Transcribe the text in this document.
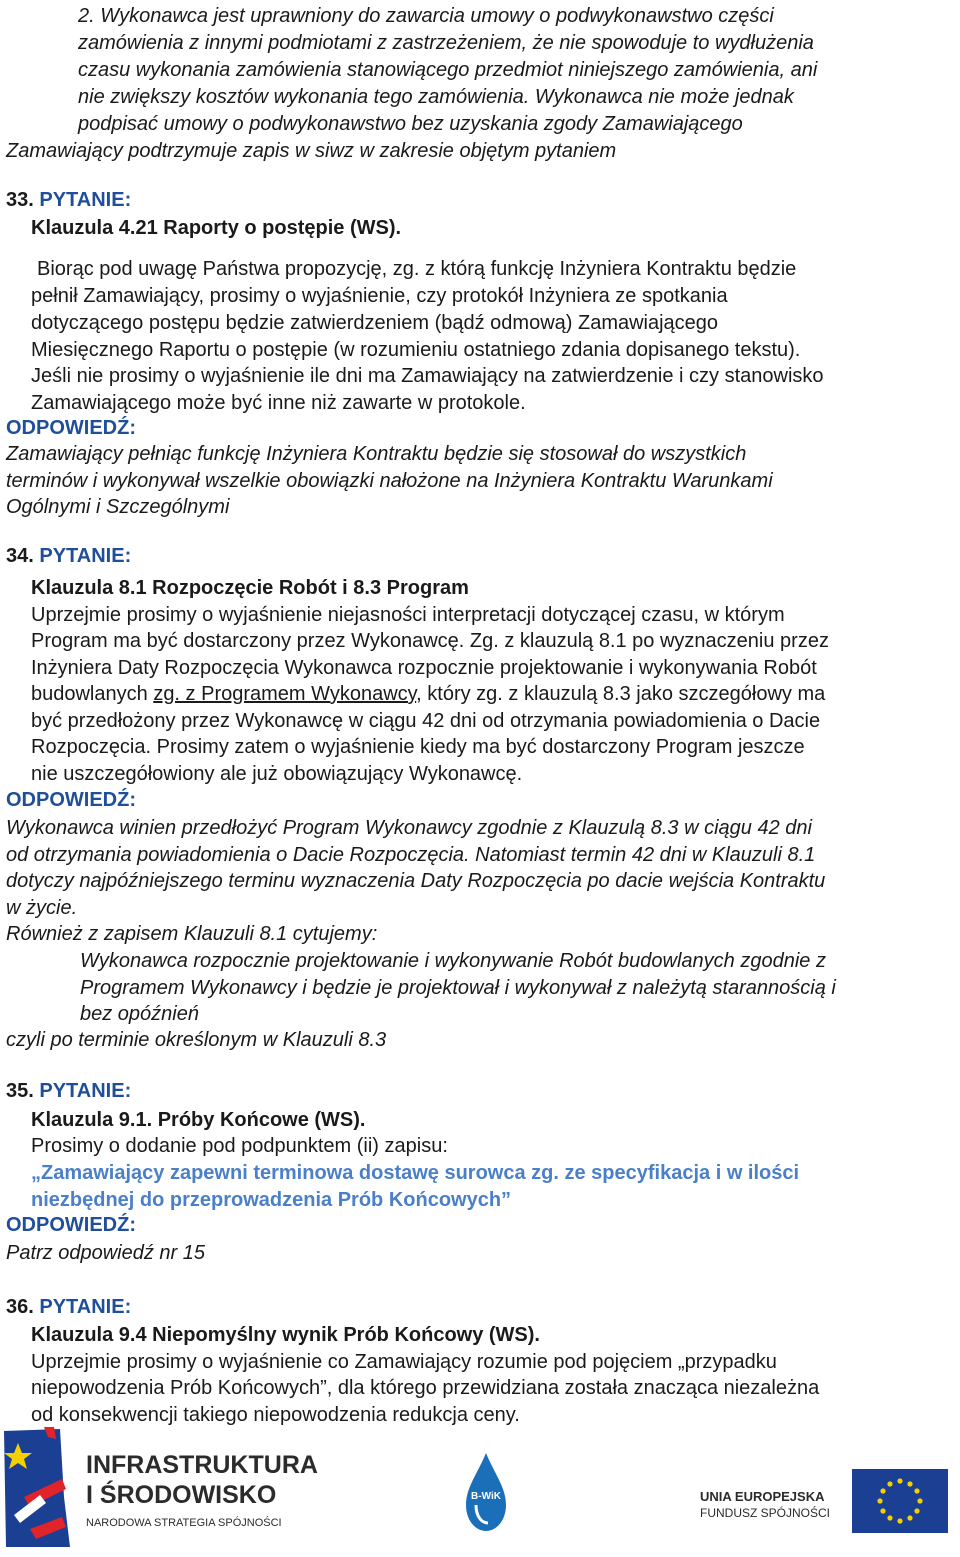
2. Wykonawca jest uprawniony do zawarcia umowy o podwykonawstwo części
zamówienia z innymi podmiotami z zastrzeżeniem, że nie spowoduje to wydłużenia
czasu wykonania zamówienia stanowiącego przedmiot niniejszego zamówienia, ani
nie zwiększy kosztów wykonania tego zamówienia. Wykonawca nie może jednak
podpisać umowy o podwykonawstwo bez uzyskania zgody Zamawiającego
Zamawiający podtrzymuje zapis w siwz w zakresie objętym pytaniem
33. PYTANIE:
Klauzula 4.21 Raporty o postępie (WS).
Biorąc pod uwagę Państwa propozycję, zg. z którą funkcję Inżyniera Kontraktu będzie
pełnił Zamawiający, prosimy o wyjaśnienie, czy protokół Inżyniera ze spotkania
dotyczącego postępu będzie zatwierdzeniem (bądź odmową) Zamawiającego
Miesięcznego Raportu o postępie (w rozumieniu ostatniego zdania dopisanego tekstu).
Jeśli nie prosimy o wyjaśnienie ile dni ma Zamawiający na zatwierdzenie i czy stanowisko
Zamawiającego może być inne niż zawarte w protokole.
ODPOWIEDŹ:
Zamawiający pełniąc funkcję Inżyniera Kontraktu będzie się stosował do wszystkich
terminów i wykonywał wszelkie obowiązki nałożone na Inżyniera Kontraktu Warunkami
Ogólnymi i Szczególnymi
34. PYTANIE:
Klauzula 8.1 Rozpoczęcie Robót i 8.3 Program
Uprzejmie prosimy o wyjaśnienie niejasności interpretacji dotyczącej czasu, w którym
Program ma być dostarczony przez Wykonawcę. Zg. z klauzulą 8.1 po wyznaczeniu przez
Inżyniera Daty Rozpoczęcia Wykonawca rozpocznie projektowanie i wykonywania Robót
budowlanych zg. z Programem Wykonawcy, który zg. z klauzulą 8.3 jako szczegółowy ma
być przedłożony przez Wykonawcę w ciągu 42 dni od otrzymania powiadomienia o Dacie
Rozpoczęcia. Prosimy zatem o wyjaśnienie kiedy ma być dostarczony Program jeszcze
nie uszczegółowiony ale już obowiązujący Wykonawcę.
ODPOWIEDŹ:
Wykonawca winien przedłożyć Program Wykonawcy zgodnie z Klauzulą 8.3 w ciągu 42 dni
od otrzymania powiadomienia o Dacie Rozpoczęcia. Natomiast termin 42 dni w Klauzuli 8.1
dotyczy najpóźniejszego terminu wyznaczenia Daty Rozpoczęcia po dacie wejścia Kontraktu
w życie.
Również z zapisem Klauzuli 8.1 cytujemy:
Wykonawca rozpocznie projektowanie i wykonywanie Robót budowlanych zgodnie z
Programem Wykonawcy i będzie je projektował i wykonywał z należytą starannością i
bez opóźnień
czyli po terminie określonym w Klauzuli 8.3
35. PYTANIE:
Klauzula 9.1. Próby Końcowe (WS).
Prosimy o dodanie pod podpunktem (ii) zapisu:
„Zamawiający zapewni terminowa dostawę surowca zg. ze specyfikacja i w ilości
niezbędnej do przeprowadzenia Prób Końcowych”
ODPOWIEDŹ:
Patrz odpowiedź nr 15
36. PYTANIE:
Klauzula 9.4 Niepomyślny wynik Prób Końcowy (WS).
Uprzejmie prosimy o wyjaśnienie co Zamawiający rozumie pod pojęciem „przypadku
niepowodzenia Prób Końcowych”, dla którego przewidziana została znacząca niezależna
od konsekwencji takiego niepowodzenia redukcja ceny.
INFRASTRUKTURA
I ŚRODOWISKO
NARODOWA STRATEGIA SPÓJNOŚCI
B-WiK	UNIA EUROPEJSKA
FUNDUSZ SPÓJNOŚCI
